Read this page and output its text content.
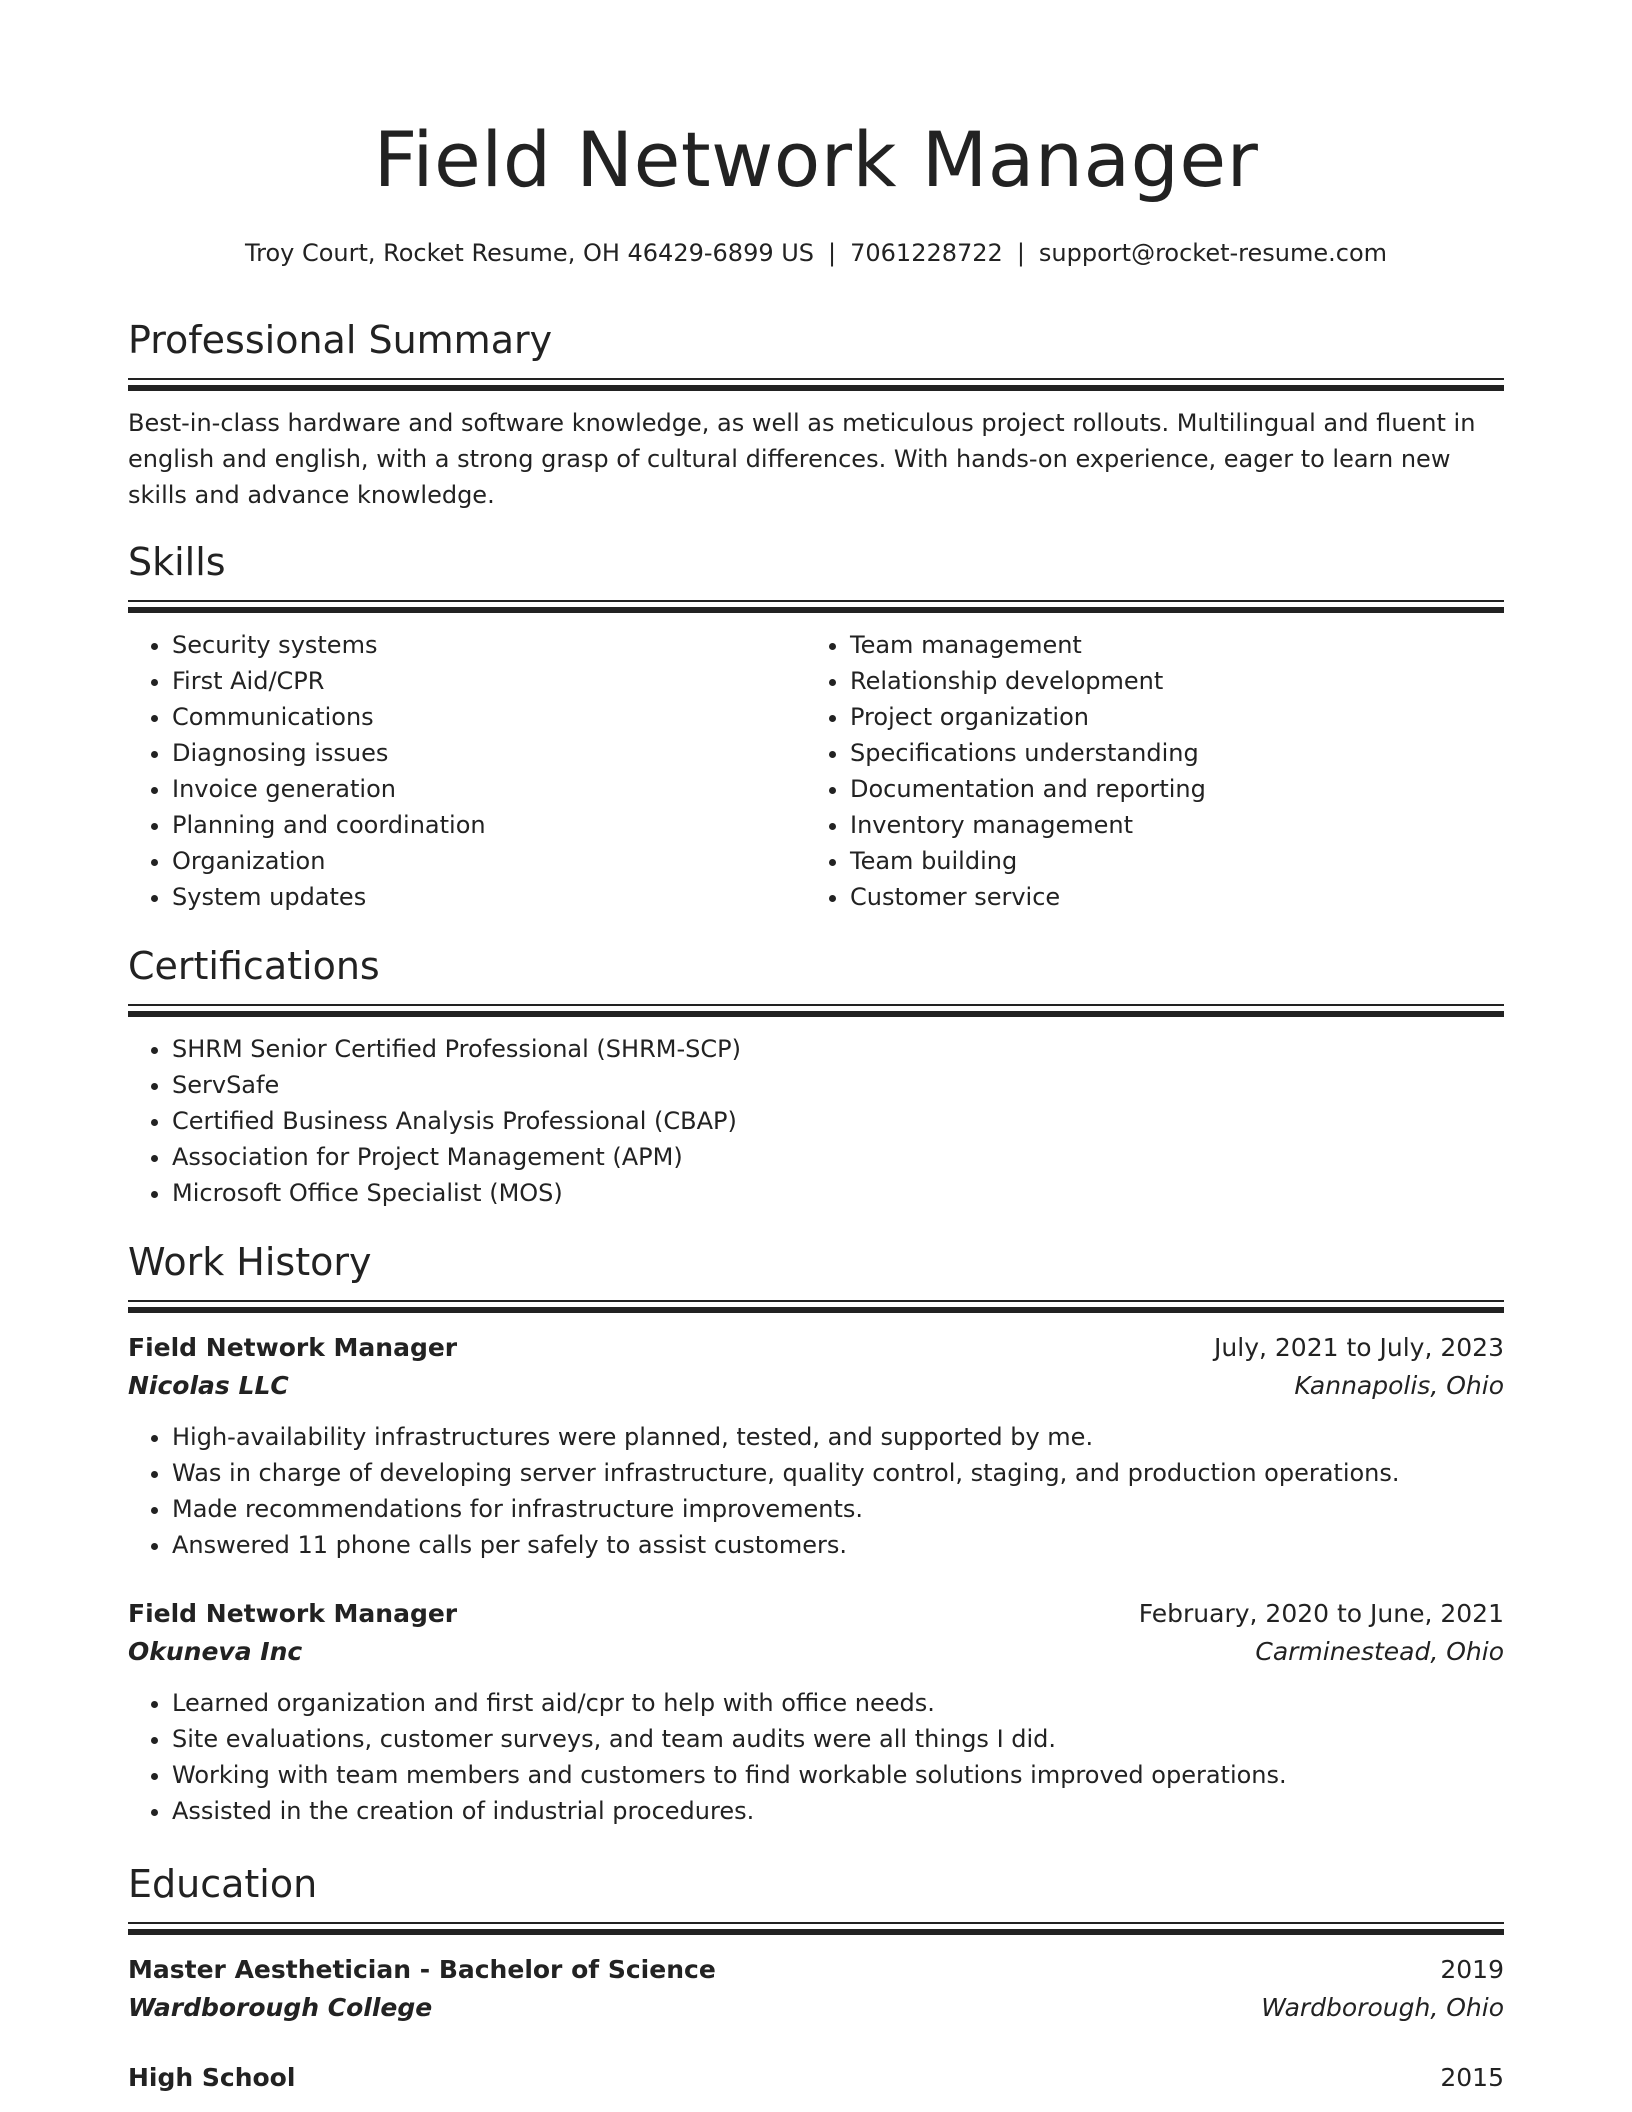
Field Network Manager
Troy Court, Rocket Resume, OH 46429-6899 US | 7061228722 | support@rocket-resume.com
Professional Summary
Best-in-class hardware and software knowledge, as well as meticulous project rollouts. Multilingual and fluent in english and english, with a strong grasp of cultural differences. With hands-on experience, eager to learn new skills and advance knowledge.
Skills
• Security systems
• First Aid/CPR
• Communications
• Diagnosing issues
• Invoice generation
• Planning and coordination
• Organization
• System updates
• Team management
• Relationship development
• Project organization
• Specifications understanding
• Documentation and reporting
• Inventory management
• Team building
• Customer service
Certifications
• SHRM Senior Certified Professional (SHRM-SCP)
• ServSafe
• Certified Business Analysis Professional (CBAP)
• Association for Project Management (APM)
• Microsoft Office Specialist (MOS)
Work History
Field Network Manager	July, 2021 to July, 2023
Nicolas LLC	Kannapolis, Ohio
• High-availability infrastructures were planned, tested, and supported by me.
• Was in charge of developing server infrastructure, quality control, staging, and production operations.
• Made recommendations for infrastructure improvements.
• Answered 11 phone calls per safely to assist customers.
Field Network Manager	February, 2020 to June, 2021
Okuneva Inc	Carminestead, Ohio
• Learned organization and first aid/cpr to help with office needs.
• Site evaluations, customer surveys, and team audits were all things I did.
• Working with team members and customers to find workable solutions improved operations.
• Assisted in the creation of industrial procedures.
Education
Master Aesthetician - Bachelor of Science	2019
Wardborough College	Wardborough, Ohio
High School	2015
